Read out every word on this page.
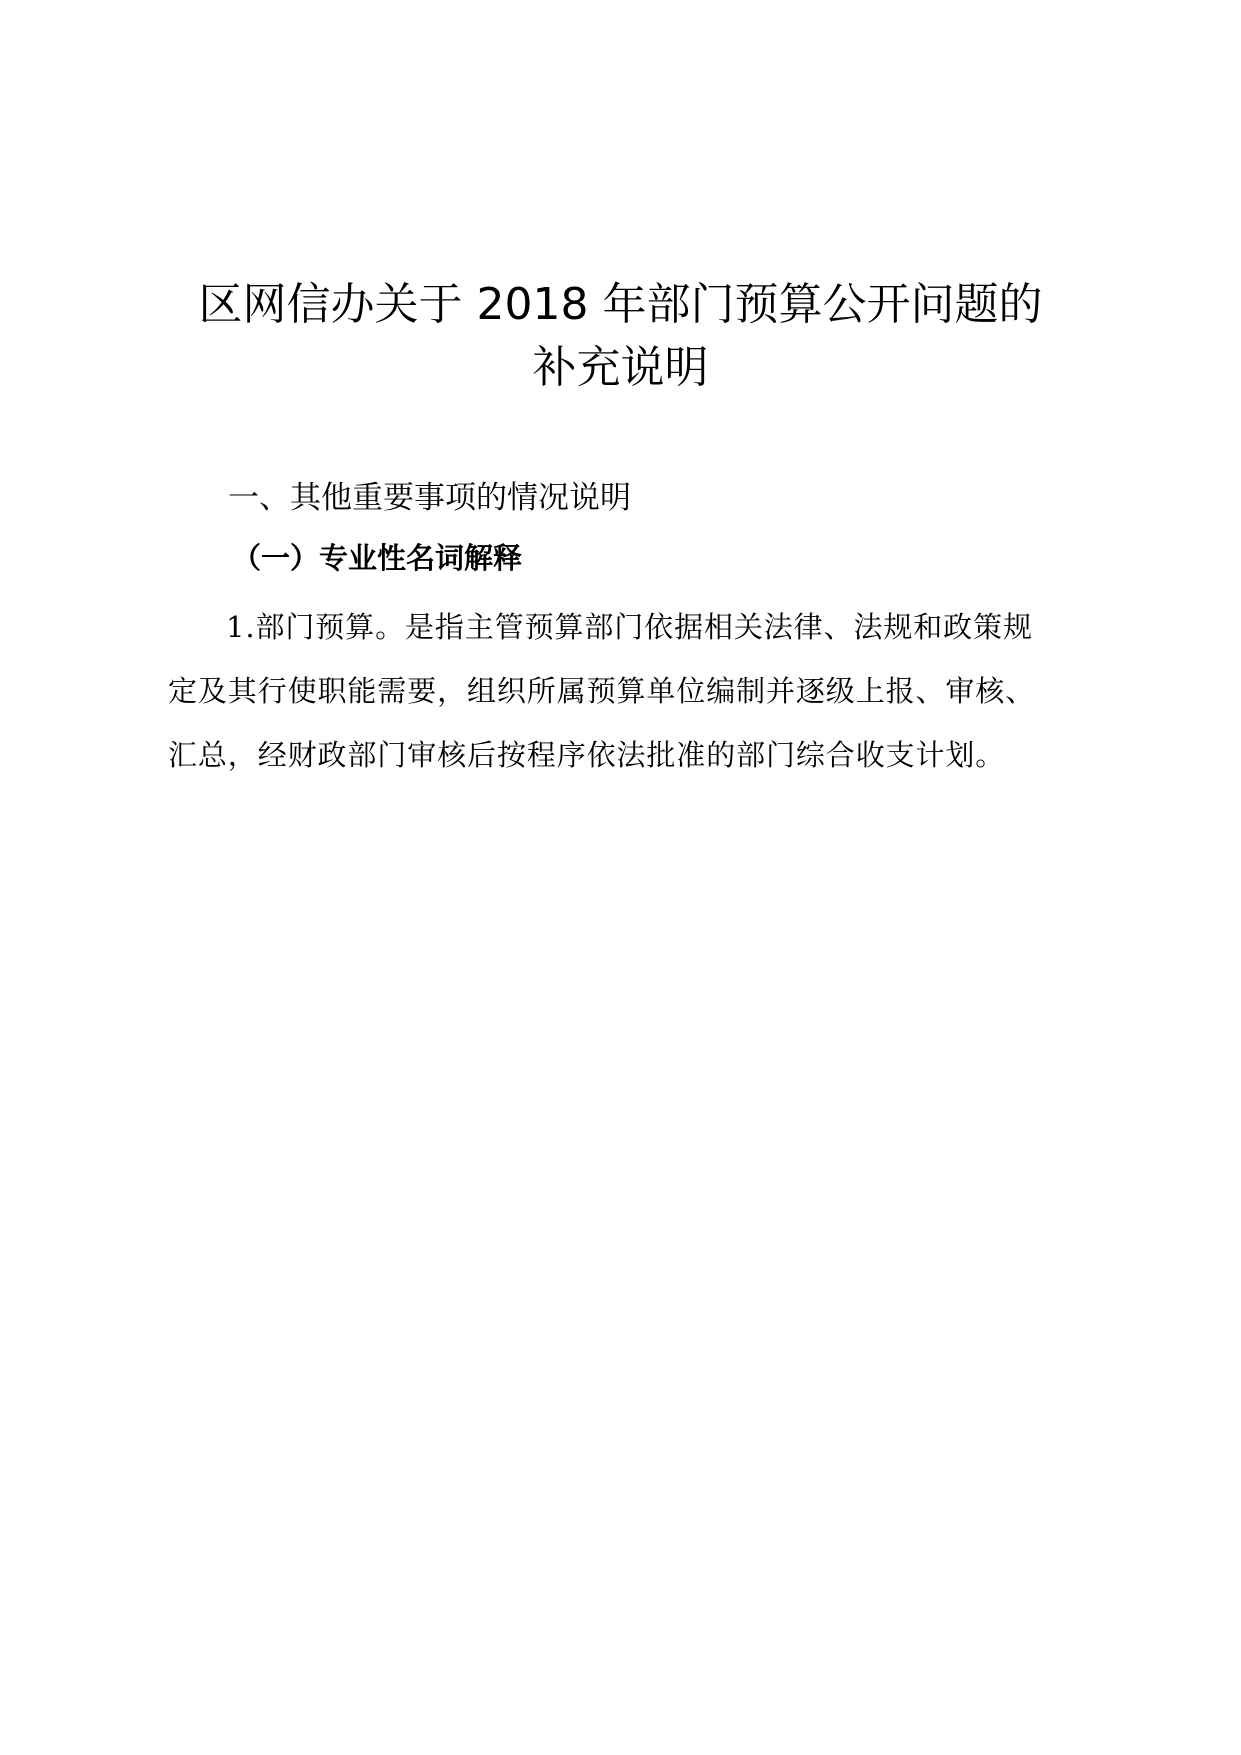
区网信办关于 2018 年部门预算公开问题的
补充说明
一、其他重要事项的情况说明
（一）专业性名词解释

1.部门预算。是指主管预算部门依据相关法律、法规和政策规
定及其行使职能需要，组织所属预算单位编制并逐级上报、审核、
汇总，经财政部门审核后按程序依法批准的部门综合收支计划。
